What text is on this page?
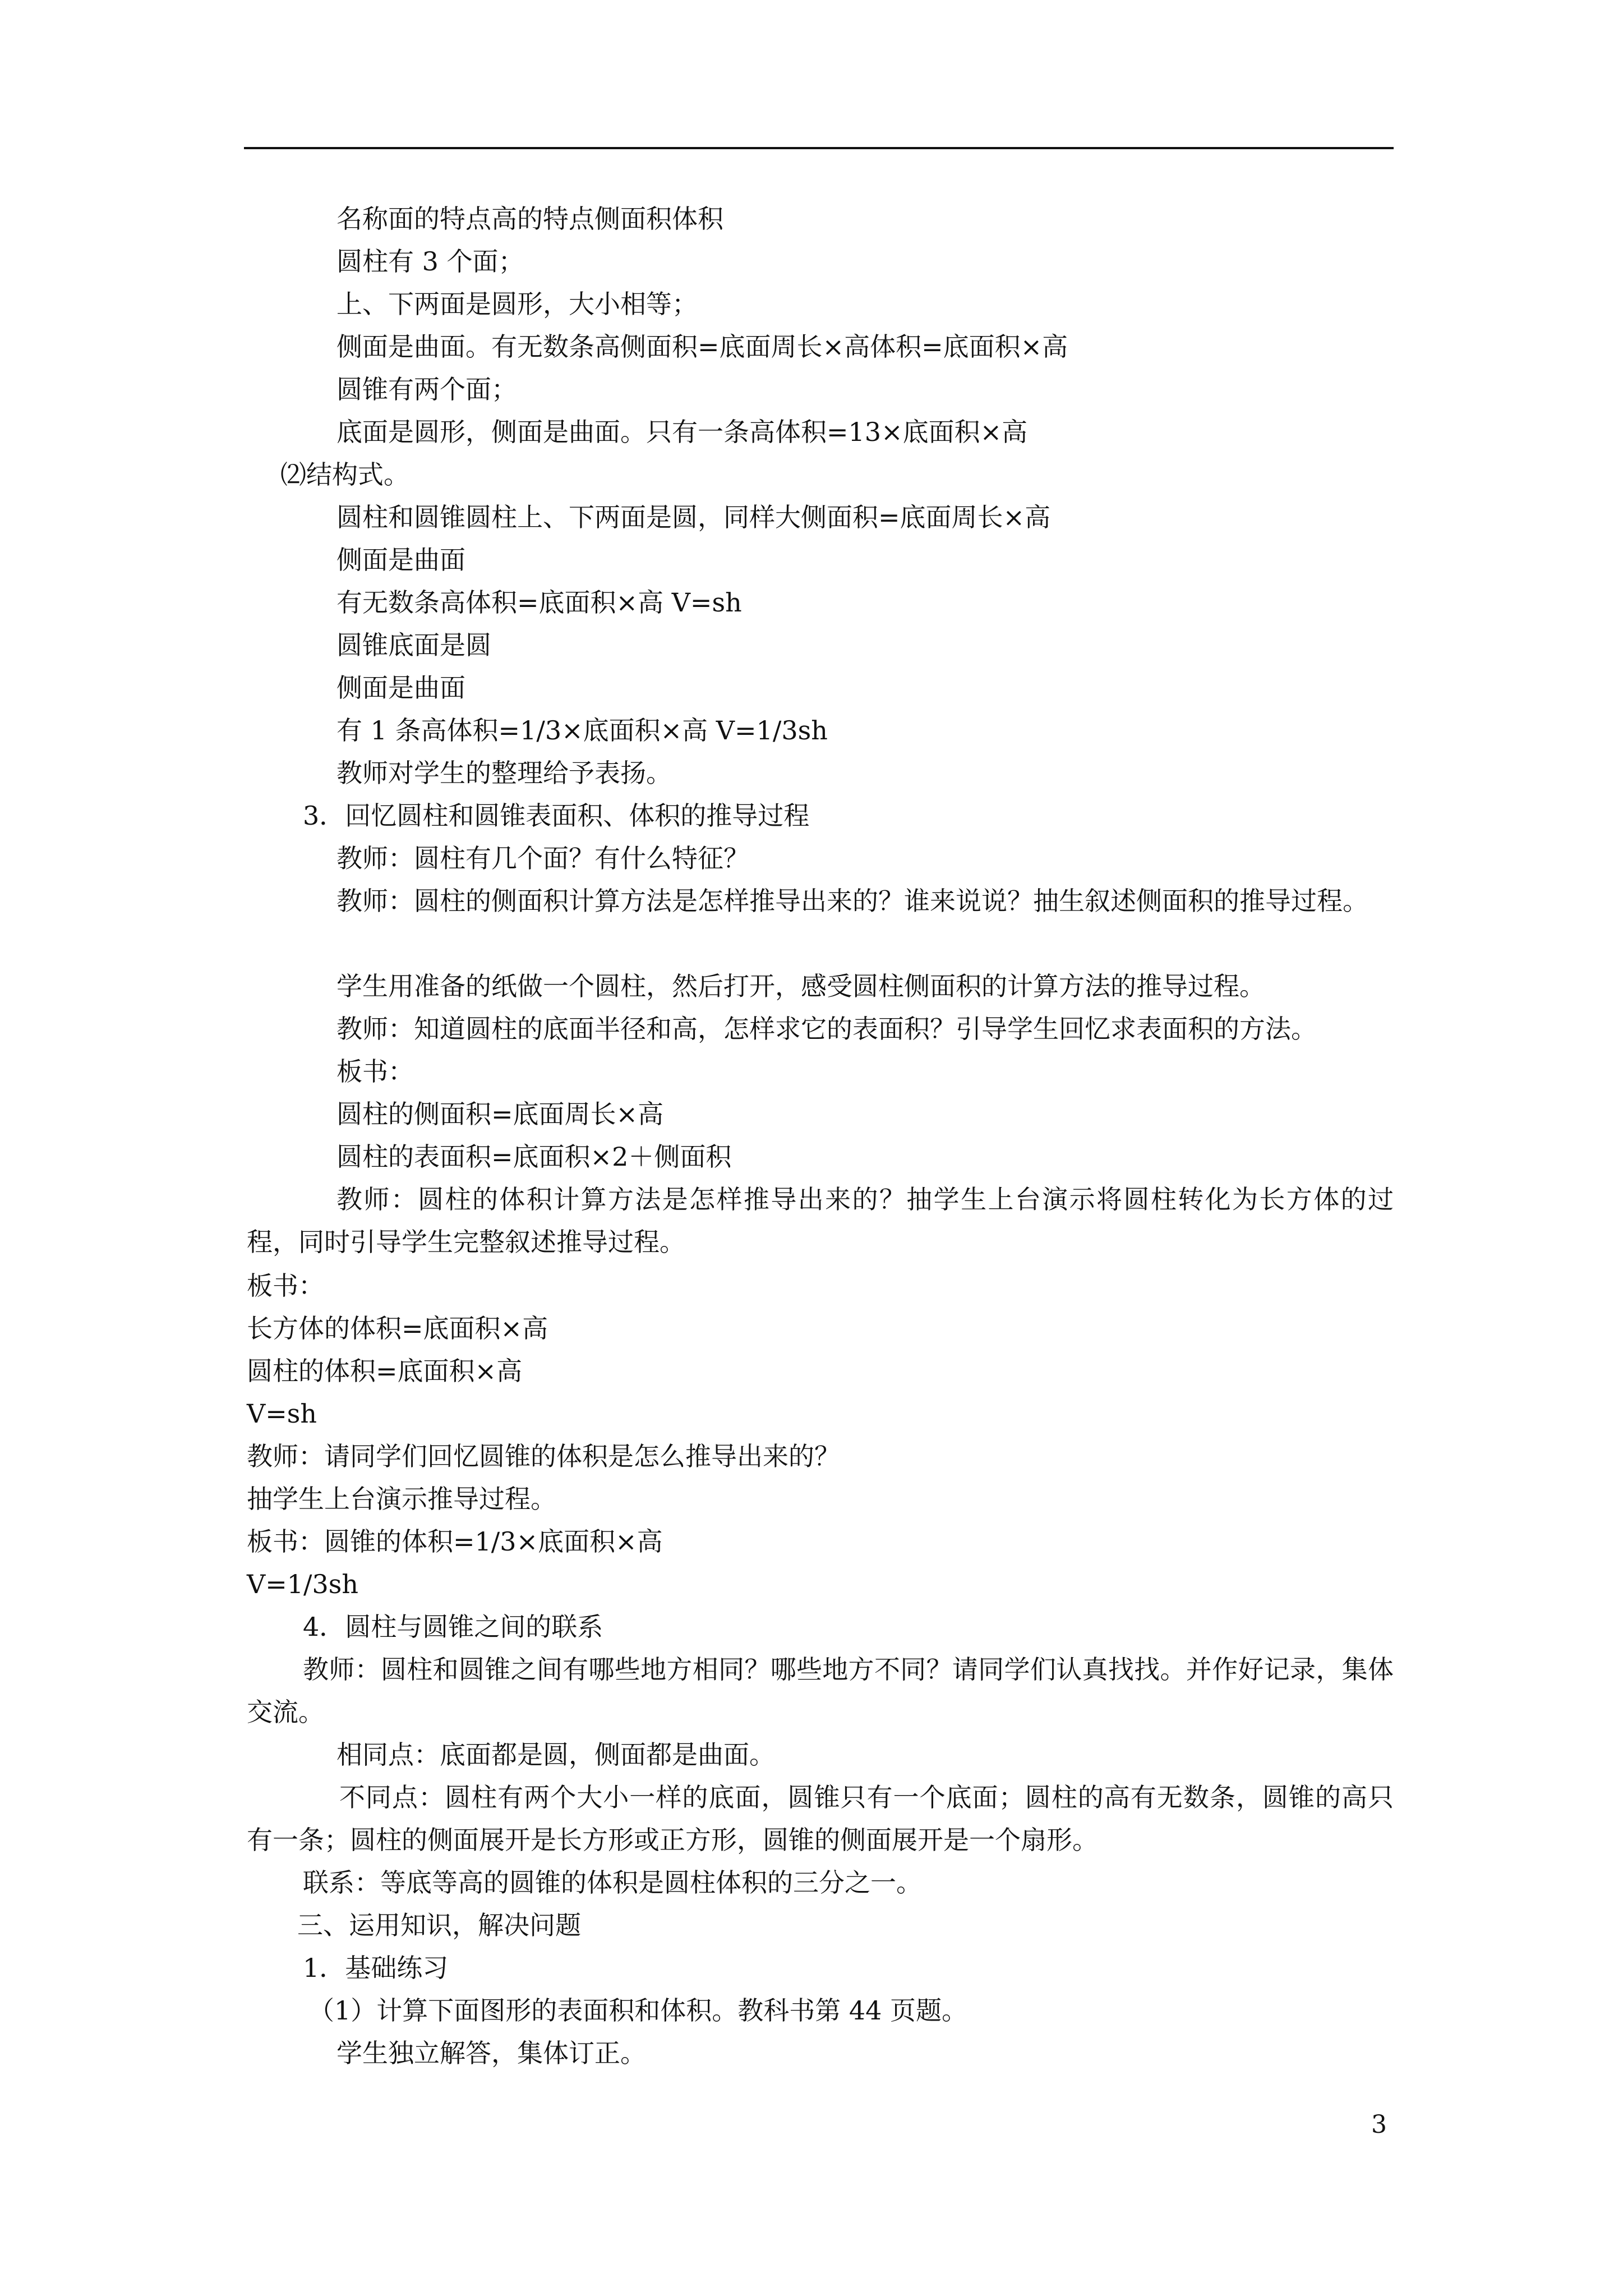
名称面的特点高的特点侧面积体积
圆柱有 3 个面；
上、下两面是圆形，大小相等；
侧面是曲面。有无数条高侧面积=底面周长×高体积=底面积×高
圆锥有两个面；
底面是圆形，侧面是曲面。只有一条高体积=13×底面积×高
⑵结构式。
圆柱和圆锥圆柱上、下两面是圆，同样大侧面积=底面周长×高
侧面是曲面
有无数条高体积=底面积×高 V=sh
圆锥底面是圆
侧面是曲面
有 1 条高体积=1/3×底面积×高 V=1/3sh
教师对学生的整理给予表扬。
3．回忆圆柱和圆锥表面积、体积的推导过程
教师：圆柱有几个面？有什么特征？
教师：圆柱的侧面积计算方法是怎样推导出来的？谁来说说？抽生叙述侧面积的推导过程。
学生用准备的纸做一个圆柱，然后打开，感受圆柱侧面积的计算方法的推导过程。
教师：知道圆柱的底面半径和高，怎样求它的表面积？引导学生回忆求表面积的方法。
板书：
圆柱的侧面积=底面周长×高
圆柱的表面积=底面积×2＋侧面积
教师：圆柱的体积计算方法是怎样推导出来的？抽学生上台演示将圆柱转化为长方体的过程，同时引导学生完整叙述推导过程。
板书：
长方体的体积=底面积×高
圆柱的体积=底面积×高
V=sh
教师：请同学们回忆圆锥的体积是怎么推导出来的？
抽学生上台演示推导过程。
板书：圆锥的体积=1/3×底面积×高
V=1/3sh
4．圆柱与圆锥之间的联系
教师：圆柱和圆锥之间有哪些地方相同？哪些地方不同？请同学们认真找找。并作好记录，集体交流。
相同点：底面都是圆，侧面都是曲面。
不同点：圆柱有两个大小一样的底面，圆锥只有一个底面；圆柱的高有无数条，圆锥的高只有一条；圆柱的侧面展开是长方形或正方形，圆锥的侧面展开是一个扇形。
联系：等底等高的圆锥的体积是圆柱体积的三分之一。
三、运用知识，解决问题
1．基础练习
（1）计算下面图形的表面积和体积。教科书第 44 页题。
学生独立解答，集体订正。
3
